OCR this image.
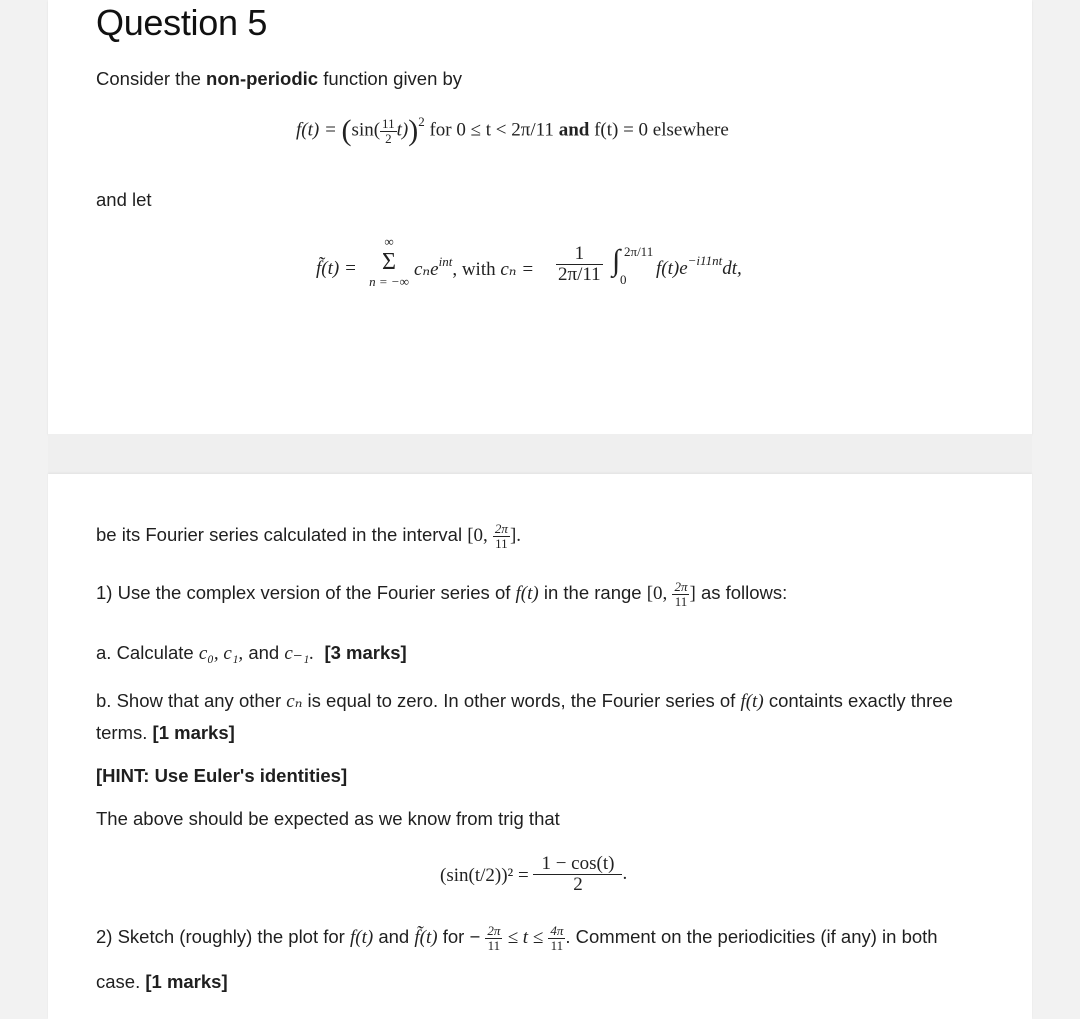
Question 5
Consider the non-periodic function given by
$f(t) = (\sin( \frac{11}{2} t))^2$ for 0 ≤ t < 2π/11 and f(t) = 0 elsewhere
and let
f̃(t) =
∞
Σ
n = −∞
cₙe$^{int}$, with $c_n = \frac{1}{2\pi/11}$ ∫ 2π/11
0
$f(t)e^{-i11nt}dt$,
be its Fourier series calculated in the interval [0, $\frac{2\pi}{11}$ ].
1) Use the complex version of the Fourier series of f(t) in the range [0, $\frac{2\pi}{11}$ ] as follows:
a. Calculate c₀, c₁, and c₋₁. [3 marks]
b. Show that any other cₙ is equal to zero. In other words, the Fourier series of f(t) containts exactly three
terms. [1 marks]
[HINT: Use Euler's identities]
The above should be expected as we know from trig that
$(\sin(t/2))^2 = \frac{1 - \cos(t)}{2}$ .
2) Sketch (roughly) the plot for f(t) and f̃(t) for − $\frac{2\pi}{11} \le t \le \frac{4\pi}{11}$ . Comment on the periodicities (if any) in both
case. [1 marks]
